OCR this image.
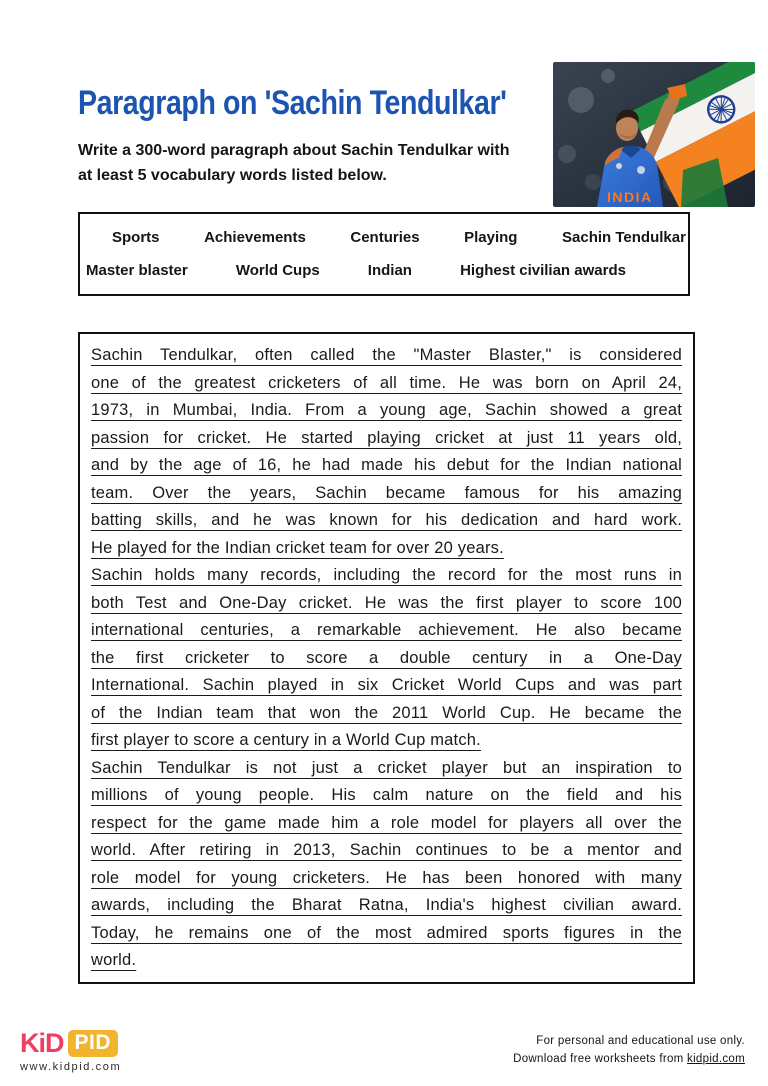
Paragraph on 'Sachin Tendulkar'
Write a 300-word paragraph about Sachin Tendulkar with
at least 5 vocabulary words listed below.
INDIA
Sports	Achievements	Centuries	Playing	Sachin Tendulkar
Master blaster	World Cups	Indian	Highest civilian awards
Sachin Tendulkar, often called the "Master Blaster," is considered
one of the greatest cricketers of all time. He was born on April 24,
1973, in Mumbai, India. From a young age, Sachin showed a great
passion for cricket. He started playing cricket at just 11 years old,
and by the age of 16, he had made his debut for the Indian national
team. Over the years, Sachin became famous for his amazing
batting skills, and he was known for his dedication and hard work.
He played for the Indian cricket team for over 20 years.
Sachin holds many records, including the record for the most runs in
both Test and One-Day cricket. He was the first player to score 100
international centuries, a remarkable achievement. He also became
the first cricketer to score a double century in a One-Day
International. Sachin played in six Cricket World Cups and was part
of the Indian team that won the 2011 World Cup. He became the
first player to score a century in a World Cup match.
Sachin Tendulkar is not just a cricket player but an inspiration to
millions of young people. His calm nature on the field and his
respect for the game made him a role model for players all over the
world. After retiring in 2013, Sachin continues to be a mentor and
role model for young cricketers. He has been honored with many
awards, including the Bharat Ratna, India's highest civilian award.
Today, he remains one of the most admired sports figures in the
world.
KiD PID
www.kidpid.com
For personal and educational use only.
Download free worksheets from kidpid.com
